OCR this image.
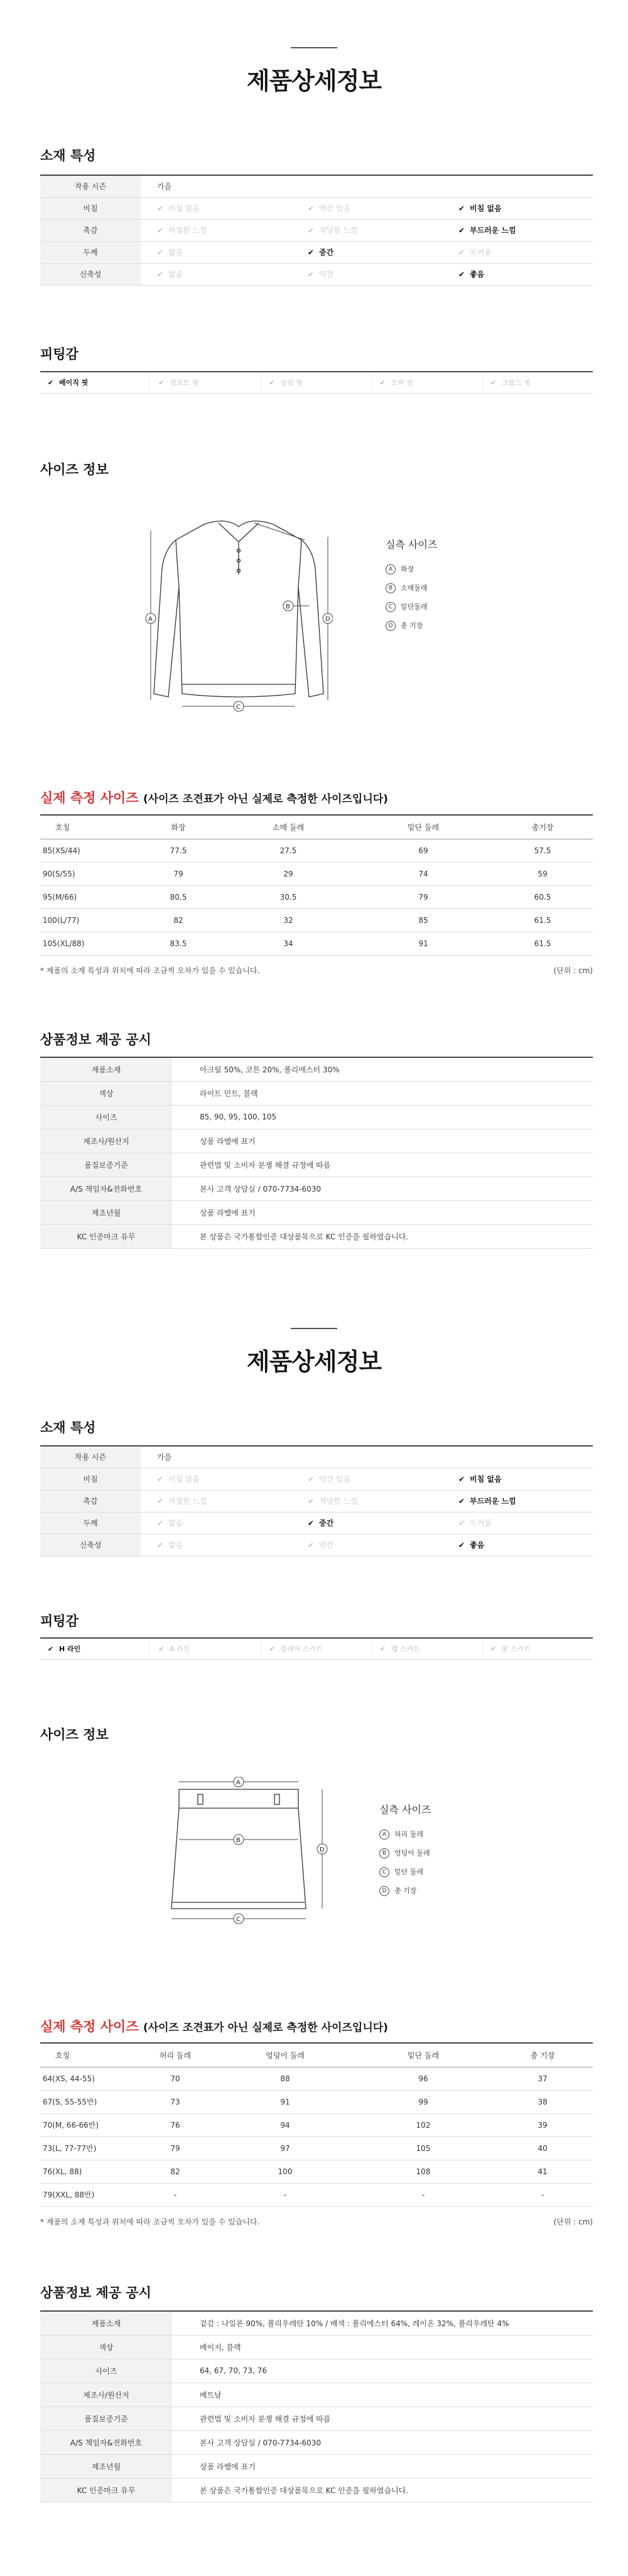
제품상세정보
소재 특성
착용 시즌	가을		
비침	✔ 비침 많음	✔ 약간 있음	✔ 비침 없음
촉감	✔ 까칠한 느낌	✔ 적당한 느낌	✔ 부드러운 느낌
두께	✔ 얇음	✔ 중간	✔ 두꺼움
신축성	✔ 없음	✔ 약간	✔ 좋음
피팅감
✔ 베이직 핏	✔ 컴포트 핏	✔ 슬림 핏	✔ 오버 핏	✔ 크롭드 핏
사이즈 정보
A
B
C
D
실측 사이즈
A	화장
B	소매둘레
C	밑단둘레
D	총 기장
실제 측정 사이즈 (사이즈 조견표가 아닌 실제로 측정한 사이즈입니다)
호칭	화장	소매 둘레	밑단 둘레	총기장
85(XS/44)	77.5	27.5	69	57.5
90(S/55)	79	29	74	59
95(M/66)	80.5	30.5	79	60.5
100(L/77)	82	32	85	61.5
105(XL/88)	83.5	34	91	61.5
* 제품의 소재 특성과 위치에 따라 조금씩 오차가 있을 수 있습니다.	(단위 : cm)
상품정보 제공 공시
제품소재	아크릴 50%, 코튼 20%, 폴리에스터 30%
색상	라이트 민트, 블랙
사이즈	85, 90, 95, 100, 105
제조사/원산지	상품 라벨에 표기
품질보증기준	관련법 및 소비자 분쟁 해결 규정에 따름
A/S 책임자&전화번호	본사 고객 상담실 / 070-7734-6030
제조년월	상품 라벨에 표기
KC 인증마크 유무	본 상품은 국가통합인증 대상품목으로 KC 인증을 필하였습니다.
제품상세정보
소재 특성
착용 시즌	가을		
비침	✔ 비침 많음	✔ 약간 있음	✔ 비침 없음
촉감	✔ 까칠한 느낌	✔ 적당한 느낌	✔ 부드러운 느낌
두께	✔ 얇음	✔ 중간	✔ 두꺼움
신축성	✔ 없음	✔ 약간	✔ 좋음
피팅감
✔ H 라인	✔ A 라인	✔ 플레어 스커트	✔ 랩 스커트	✔ 롱 스커트
사이즈 정보
A
B
C
D
실측 사이즈
A	허리 둘레
B	엉덩이 둘레
C	밑단 둘레
D	총 기장
실제 측정 사이즈 (사이즈 조견표가 아닌 실제로 측정한 사이즈입니다)
호칭	허리 둘레	엉덩이 둘레	밑단 둘레	총 기장
64(XS, 44-55)	70	88	96	37
67(S, 55-55반)	73	91	99	38
70(M, 66-66반)	76	94	102	39
73(L, 77-77반)	79	97	105	40
76(XL, 88)	82	100	108	41
79(XXL, 88반)	-	-	-	-
* 제품의 소재 특성과 위치에 따라 조금씩 오차가 있을 수 있습니다.	(단위 : cm)
상품정보 제공 공시
제품소재	겉감 : 나일론 90%, 폴리우레탄 10% / 배색 : 폴리에스터 64%, 레이온 32%, 폴리우레탄 4%
색상	베이지, 블랙
사이즈	64, 67, 70, 73, 76
제조사/원산지	베트남
품질보증기준	관련법 및 소비자 분쟁 해결 규정에 따름
A/S 책임자&전화번호	본사 고객 상담실 / 070-7734-6030
제조년월	상품 라벨에 표기
KC 인증마크 유무	본 상품은 국가통합인증 대상품목으로 KC 인증을 필하였습니다.
